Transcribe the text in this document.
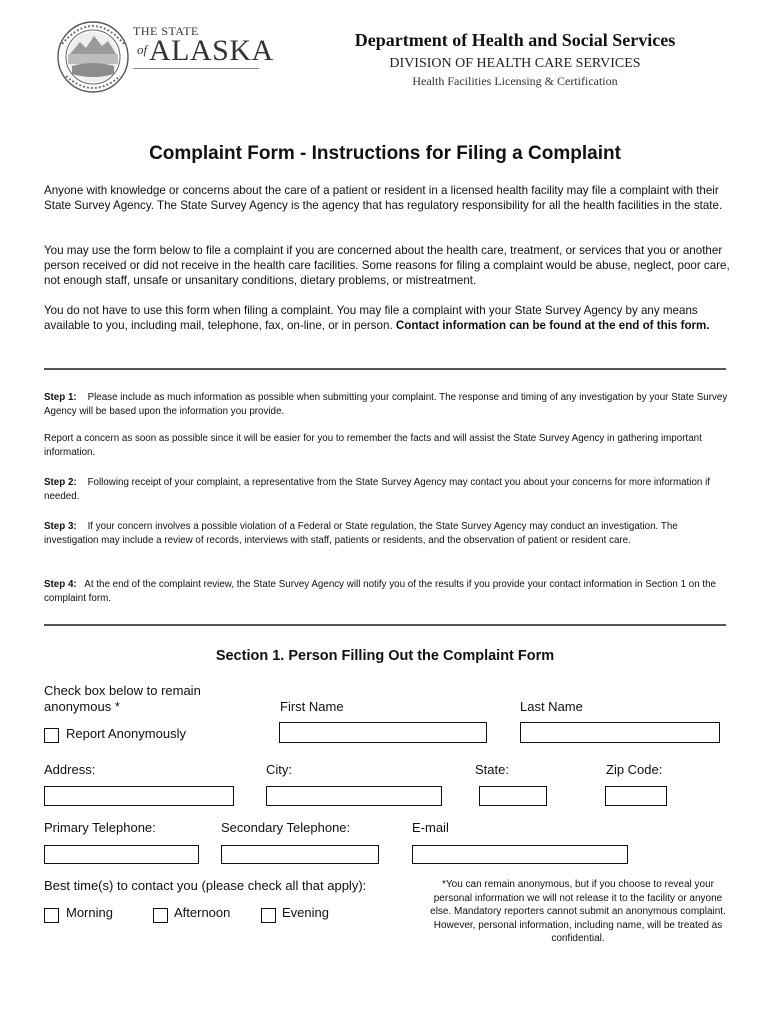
THE STATE
of ALASKA	Department of Health and Social Services
DIVISION OF HEALTH CARE SERVICES
Health Facilities Licensing & Certification
Complaint Form - Instructions for Filing a Complaint
Anyone with knowledge or concerns about the care of a patient or resident in a licensed health facility may file a complaint with their State Survey Agency. The State Survey Agency is the agency that has regulatory responsibility for all the health facilities in the state.
You may use the form below to file a complaint if you are concerned about the health care, treatment, or services that you or another person received or did not receive in the health care facilities. Some reasons for filing a complaint would be abuse, neglect, poor care, not enough staff, unsafe or unsanitary conditions, dietary problems, or mistreatment.
You do not have to use this form when filing a complaint. You may file a complaint with your State Survey Agency by any means available to you, including mail, telephone, fax, on-line, or in person. Contact information can be found at the end of this form.
Step 1: Please include as much information as possible when submitting your complaint. The response and timing of any investigation by your State Survey Agency will be based upon the information you provide.
Report a concern as soon as possible since it will be easier for you to remember the facts and will assist the State Survey Agency in gathering important information.
Step 2: Following receipt of your complaint, a representative from the State Survey Agency may contact you about your concerns for more information if needed.
Step 3: If your concern involves a possible violation of a Federal or State regulation, the State Survey Agency may conduct an investigation. The investigation may include a review of records, interviews with staff, patients or residents, and the observation of patient or resident care.
Step 4: At the end of the complaint review, the State Survey Agency will notify you of the results if you provide your contact information in Section 1 on the complaint form.
Section 1. Person Filling Out the Complaint Form
Check box below to remain
anonymous *	First Name	Last Name
Report Anonymously
Address:	City:	State:	Zip Code:
Primary Telephone:	Secondary Telephone:	E-mail
Best time(s) to contact you (please check all that apply):
Morning	Afternoon	Evening
*You can remain anonymous, but if you choose to reveal your personal information we will not release it to the facility or anyone else. Mandatory reporters cannot submit an anonymous complaint. However, personal information, including name, will be treated as confidential.
